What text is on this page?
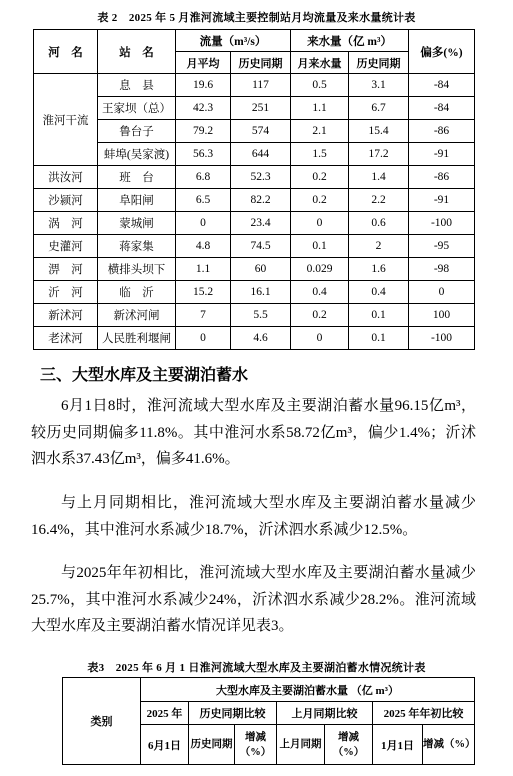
表 2　2025 年 5 月淮河流域主要控制站月均流量及来水量统计表
河　名	站　名	流量（m³/s）		来水量（亿 m³）		偏多(%)
		月平均	历史同期	月来水量	历史同期	
淮河干流	息　县	19.6	117	0.5	3.1	-84
	王家坝（总）	42.3	251	1.1	6.7	-84
	鲁台子	79.2	574	2.1	15.4	-86
	蚌埠(吴家渡)	56.3	644	1.5	17.2	-91
洪汝河	班　台	6.8	52.3	0.2	1.4	-86
沙颍河	阜阳闸	6.5	82.2	0.2	2.2	-91
涡　河	蒙城闸	0	23.4	0	0.6	-100
史灌河	蒋家集	4.8	74.5	0.1	2	-95
淠　河	横排头坝下	1.1	60	0.029	1.6	-98
沂　河	临　沂	15.2	16.1	0.4	0.4	0
新沭河	新沭河闸	7	5.5	0.2	0.1	100
老沭河	人民胜利堰闸	0	4.6	0	0.1	-100
三、大型水库及主要湖泊蓄水
6月1日8时，淮河流域大型水库及主要湖泊蓄水量96.15亿m³，较历史同期偏多11.8%。其中淮河水系58.72亿m³，偏少1.4%；沂沭泗水系37.43亿m³，偏多41.6%。
与上月同期相比，淮河流域大型水库及主要湖泊蓄水量减少16.4%，其中淮河水系减少18.7%，沂沭泗水系减少12.5%。
与2025年年初相比，淮河流域大型水库及主要湖泊蓄水量减少25.7%，其中淮河水系减少24%，沂沭泗水系减少28.2%。淮河流域大型水库及主要湖泊蓄水情况详见表3。
表3　2025 年 6 月 1 日淮河流域大型水库及主要湖泊蓄水情况统计表
类别	大型水库及主要湖泊蓄水量 （亿 m³）						
	2025 年	历史同期比较		上月同期比较		2025 年年初比较	
	6月1日	历史同期	增减（%）	上月同期	增减（%）	1月1日	增减（%）
